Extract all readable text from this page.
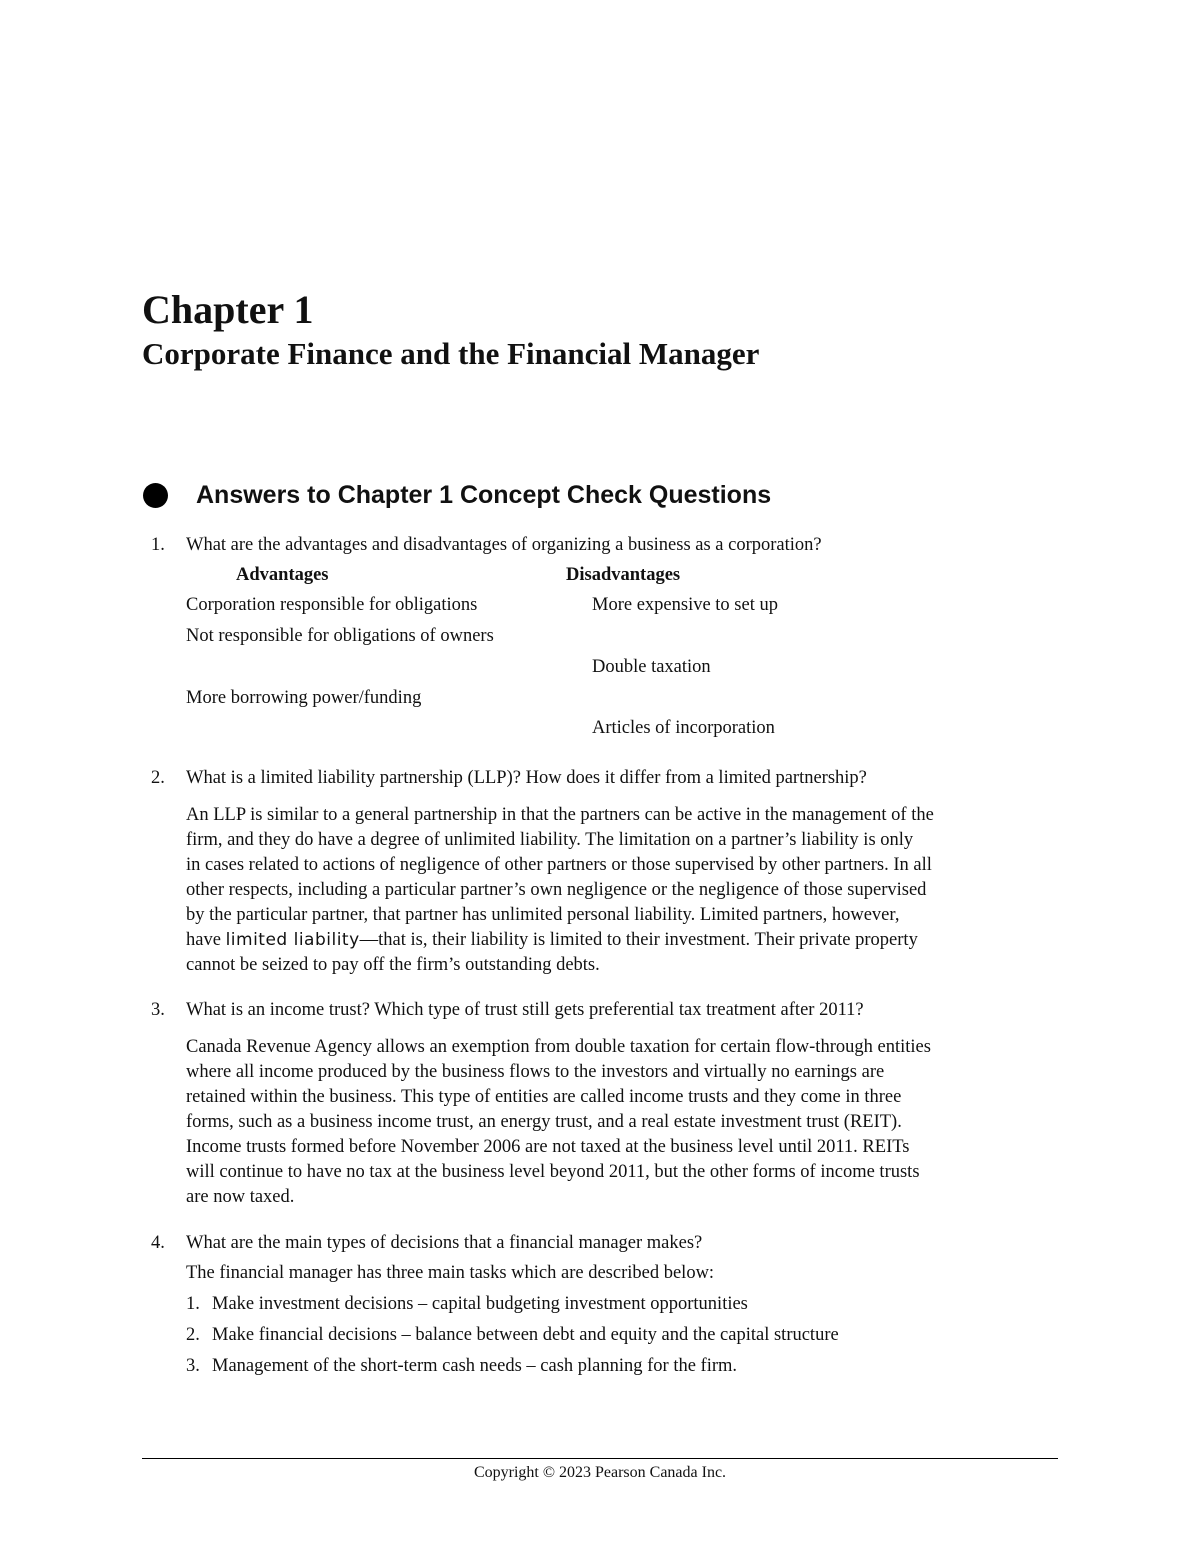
Chapter 1
Corporate Finance and the Financial Manager
Answers to Chapter 1 Concept Check Questions
1. What are the advantages and disadvantages of organizing a business as a corporation?
Advantages	Disadvantages
Corporation responsible for obligations	More expensive to set up
Not responsible for obligations of owners
Double taxation
More borrowing power/funding
Articles of incorporation
2. What is a limited liability partnership (LLP)? How does it differ from a limited partnership?
An LLP is similar to a general partnership in that the partners can be active in the management of the
firm, and they do have a degree of unlimited liability. The limitation on a partner’s liability is only
in cases related to actions of negligence of other partners or those supervised by other partners. In all
other respects, including a particular partner’s own negligence or the negligence of those supervised
by the particular partner, that partner has unlimited personal liability. Limited partners, however,
have limited liability—that is, their liability is limited to their investment. Their private property
cannot be seized to pay off the firm’s outstanding debts.
3. What is an income trust? Which type of trust still gets preferential tax treatment after 2011?
Canada Revenue Agency allows an exemption from double taxation for certain flow-through entities
where all income produced by the business flows to the investors and virtually no earnings are
retained within the business. This type of entities are called income trusts and they come in three
forms, such as a business income trust, an energy trust, and a real estate investment trust (REIT).
Income trusts formed before November 2006 are not taxed at the business level until 2011. REITs
will continue to have no tax at the business level beyond 2011, but the other forms of income trusts
are now taxed.
4. What are the main types of decisions that a financial manager makes?
The financial manager has three main tasks which are described below:
1. Make investment decisions – capital budgeting investment opportunities
2. Make financial decisions – balance between debt and equity and the capital structure
3. Management of the short-term cash needs – cash planning for the firm.
Copyright © 2023 Pearson Canada Inc.
